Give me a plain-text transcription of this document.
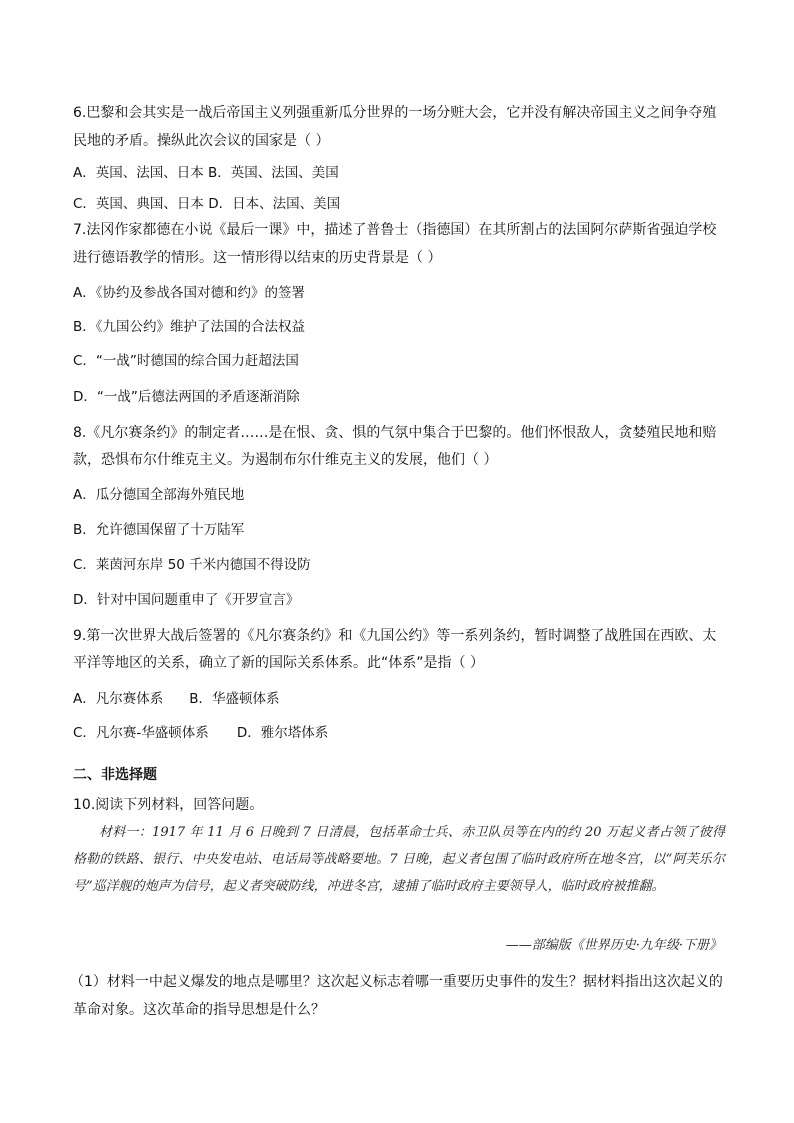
6.巴黎和会其实是一战后帝国主义列强重新瓜分世界的一场分赃大会，它并没有解决帝国主义之间争夺殖
民地的矛盾。操纵此次会议的国家是（ ）
A．英国、法国、日本 B．英国、法国、美国
C．英国、典国、日本 D．日本、法国、美国
7.法冈作家都德在小说《最后一课》中，描述了普鲁士（指德国）在其所割占的法国阿尔萨斯省强迫学校
进行德语教学的情形。这一情形得以结束的历史背景是（ ）
A．《协约及参战各国对德和约》的签署
B．《九国公约》维护了法国的合法权益
C．“一战”时德国的综合国力赶超法国
D．“一战”后德法两国的矛盾逐渐消除
8.《凡尔赛条约》的制定者……是在恨、贪、惧的气氛中集合于巴黎的。他们怀恨敌人，贪婪殖民地和赔
款，恐惧布尔什维克主义。为遏制布尔什维克主义的发展，他们（ ）
A．瓜分德国全部海外殖民地
B．允许德国保留了十万陆军
C．莱茵河东岸 50 千米内德国不得设防
D．针对中国问题重申了《开罗宣言》
9.第一次世界大战后签署的《凡尔赛条约》和《九国公约》等一系列条约，暂时调整了战胜国在西欧、太
平洋等地区的关系，确立了新的国际关系体系。此“体系”是指（ ）
A．凡尔赛体系 B．华盛顿体系
C．凡尔赛-华盛顿体系 D．雅尔塔体系
二、非选择题
10.阅读下列材料，回答问题。
材料一：1917 年 11 月 6 日晚到 7 日清晨，包括革命士兵、赤卫队员等在内的约 20 万起义者占领了彼得格勒的铁路、银行、中央发电站、电话局等战略要地。7 日晚，起义者包围了临时政府所在地冬宫，以“阿芙乐尔号”巡洋舰的炮声为信号，起义者突破防线，冲进冬宫，逮捕了临时政府主要领导人，临时政府被推翻。
——部编版《世界历史·九年级·下册》
（1）材料一中起义爆发的地点是哪里？这次起义标志着哪一重要历史事件的发生？据材料指出这次起义的
革命对象。这次革命的指导思想是什么？
